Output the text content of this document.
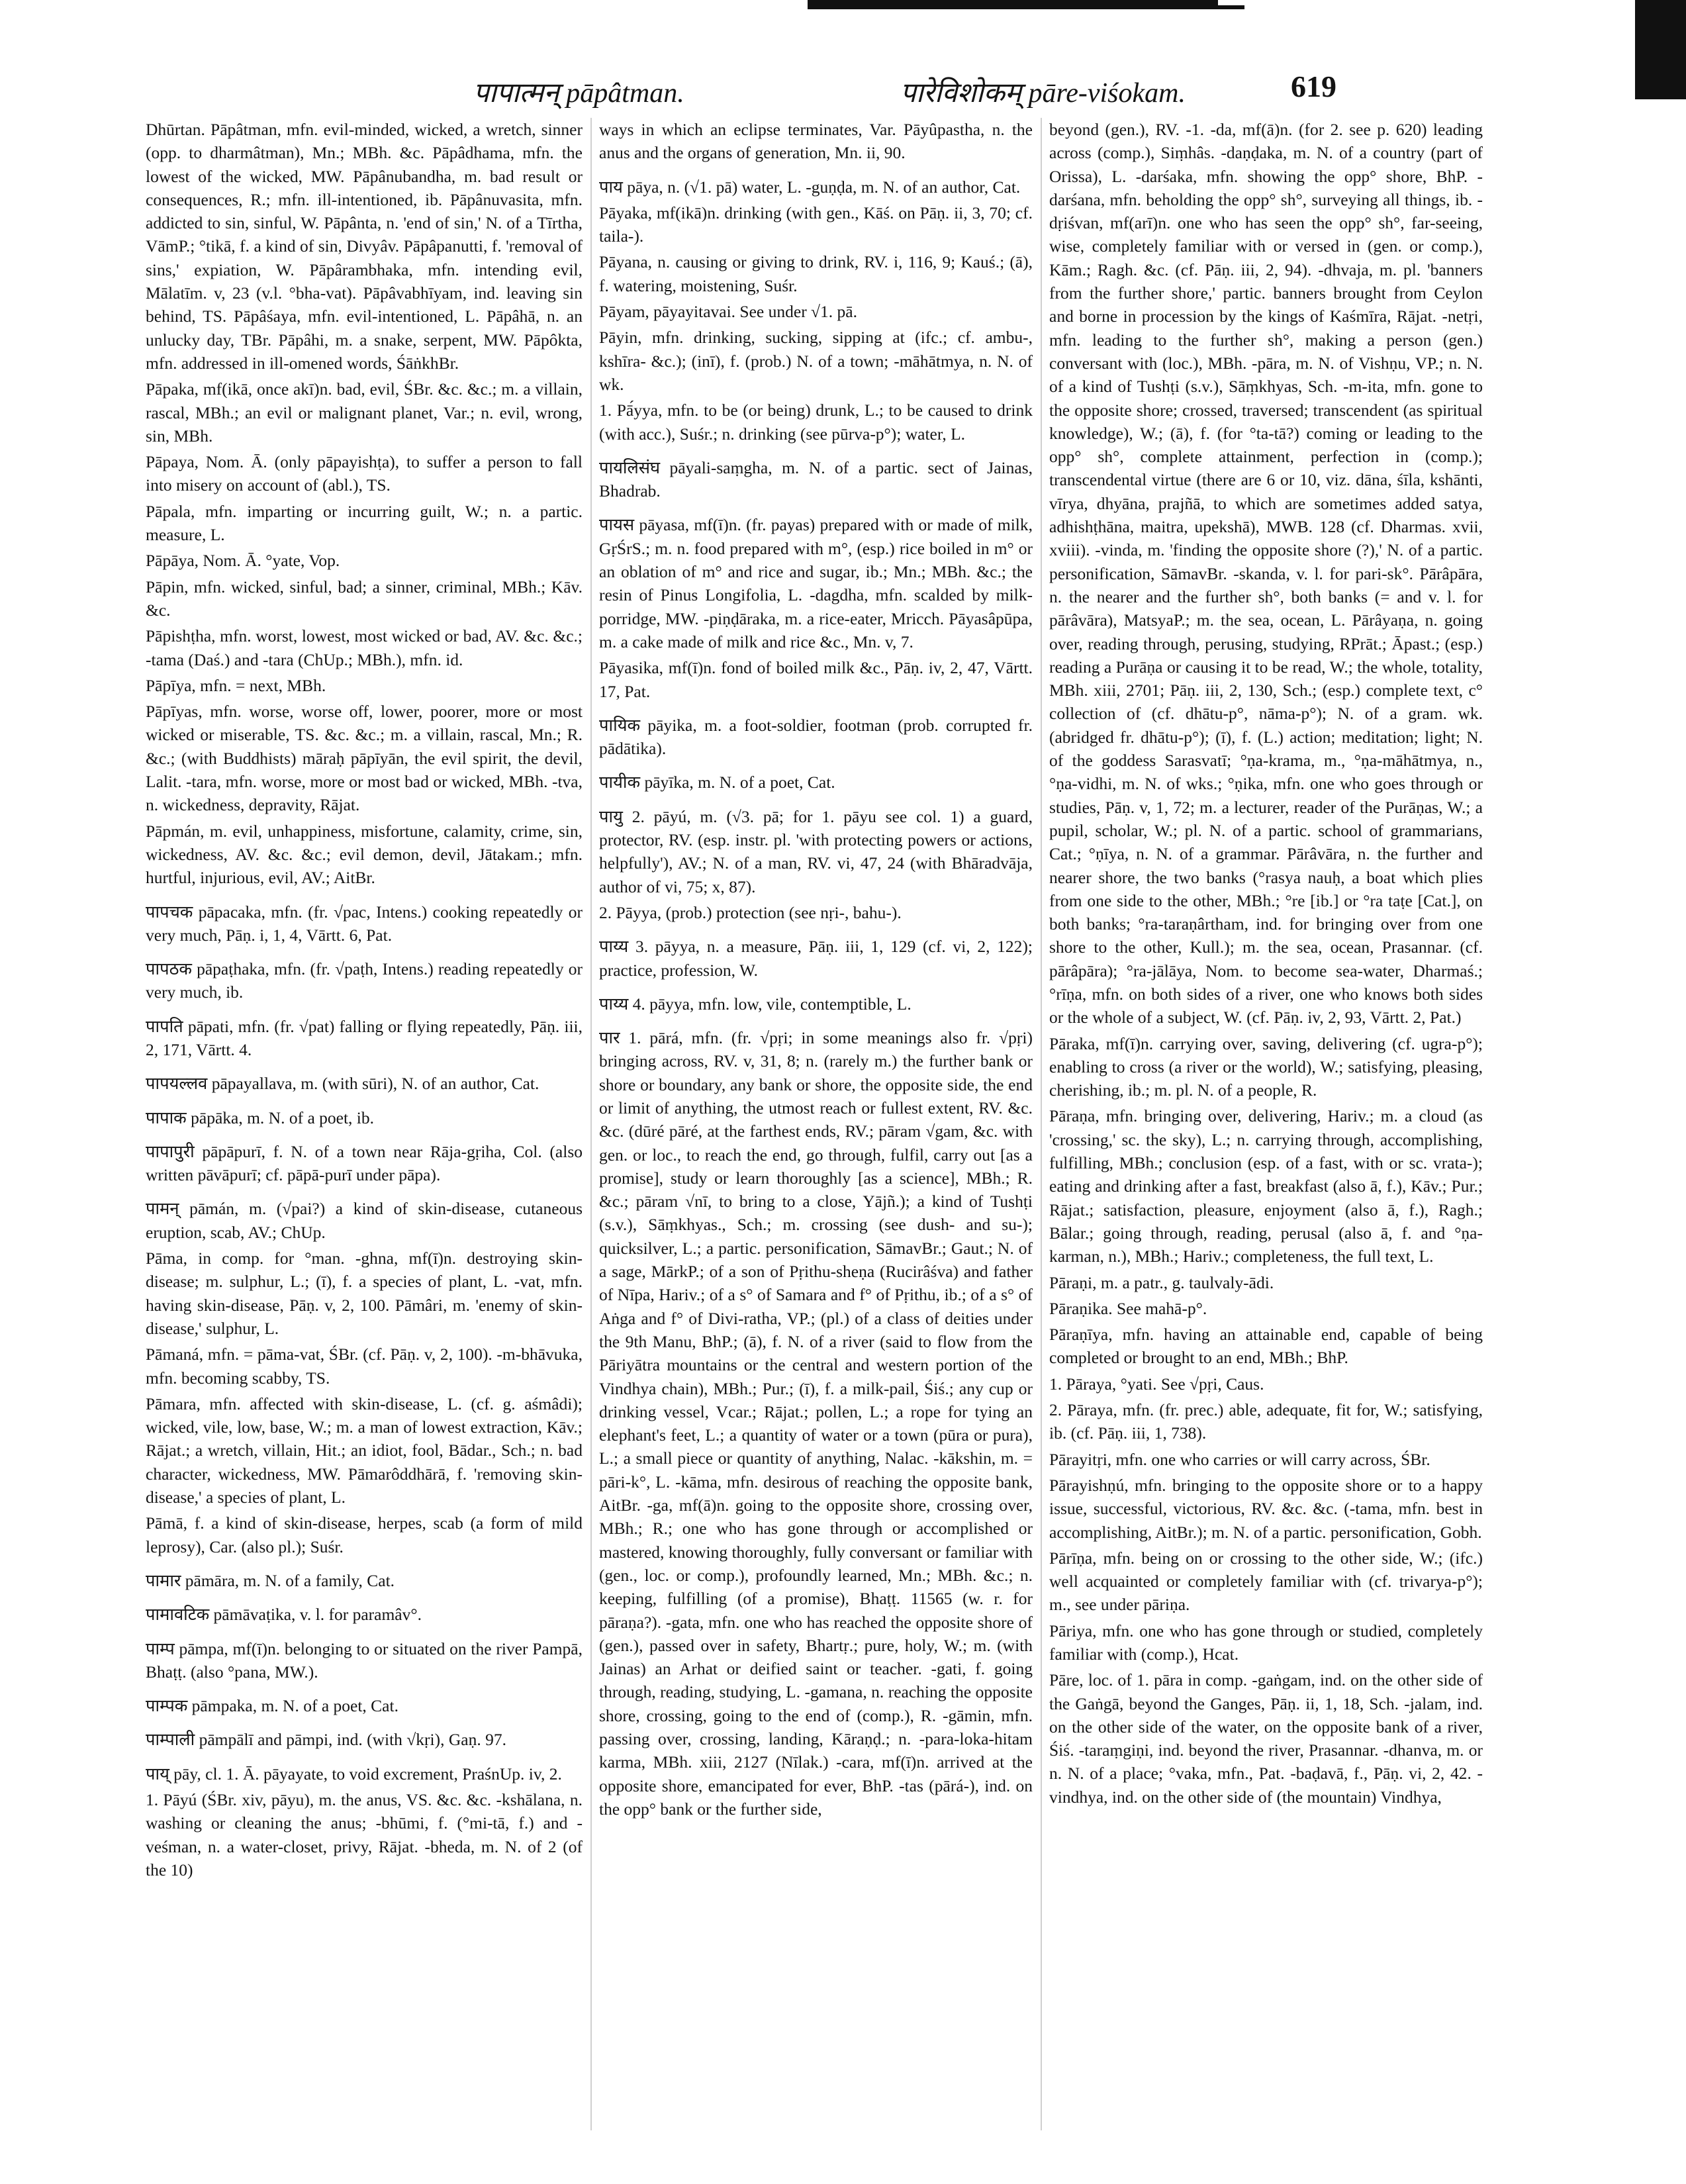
पापात्मन् pāpâtman.	पारेविशोकम् pāre-viśokam.	619

Dhūrtan. Pāpâtman, mfn. evil-minded, wicked, a wretch, sinner (opp. to dharmâtman), Mn.; MBh. &c. Pāpâdhama, mfn. the lowest of the wicked, MW. Pāpânubandha, m. bad result or consequences, R.; mfn. ill-intentioned, ib. Pāpânuvasita, mfn. addicted to sin, sinful, W. Pāpânta, n. 'end of sin,' N. of a Tīrtha, VāmP.; °tikā, f. a kind of sin, Divyâv. Pāpâpanutti, f. 'removal of sins,' expiation, W. Pāpârambhaka, mfn. intending evil, Mālatīm. v, 23 (v.l. °bha-vat). Pāpâvabhīyam, ind. leaving sin behind, TS. Pāpâśaya, mfn. evil-intentioned, L. Pāpâhā, n. an unlucky day, TBr. Pāpâhi, m. a snake, serpent, MW. Pāpôkta, mfn. addressed in ill-omened words, ŚāṅkhBr.

Pāpaka, mf(ikā, once akī)n. bad, evil, ŚBr. &c. &c.; m. a villain, rascal, MBh.; an evil or malignant planet, Var.; n. evil, wrong, sin, MBh.

Pāpaya, Nom. Ā. (only pāpayishṭa), to suffer a person to fall into misery on account of (abl.), TS.

Pāpala, mfn. imparting or incurring guilt, W.; n. a partic. measure, L.

Pāpāya, Nom. Ā. °yate, Vop.

Pāpin, mfn. wicked, sinful, bad; a sinner, criminal, MBh.; Kāv. &c.

Pāpishṭha, mfn. worst, lowest, most wicked or bad, AV. &c. &c.; -tama (Daś.) and -tara (ChUp.; MBh.), mfn. id.

Pāpīya, mfn. = next, MBh.

Pāpīyas, mfn. worse, worse off, lower, poorer, more or most wicked or miserable, TS. &c. &c.; m. a villain, rascal, Mn.; R. &c.; (with Buddhists) māraḥ pāpīyān, the evil spirit, the devil, Lalit. -tara, mfn. worse, more or most bad or wicked, MBh. -tva, n. wickedness, depravity, Rājat.

Pāpmán, m. evil, unhappiness, misfortune, calamity, crime, sin, wickedness, AV. &c. &c.; evil demon, devil, Jātakam.; mfn. hurtful, injurious, evil, AV.; AitBr.

पापचक pāpacaka, mfn. (fr. √pac, Intens.) cooking repeatedly or very much, Pāṇ. i, 1, 4, Vārtt. 6, Pat.

पापठक pāpaṭhaka, mfn. (fr. √paṭh, Intens.) reading repeatedly or very much, ib.

पापति pāpati, mfn. (fr. √pat) falling or flying repeatedly, Pāṇ. iii, 2, 171, Vārtt. 4.

पापयल्लव pāpayallava, m. (with sūri), N. of an author, Cat.

पापाक pāpāka, m. N. of a poet, ib.

पापापुरी pāpāpurī, f. N. of a town near Rāja-gṛiha, Col. (also written pāvāpurī; cf. pāpā-purī under pāpa).

पामन् pāmán, m. (√pai?) a kind of skin-disease, cutaneous eruption, scab, AV.; ChUp.

Pāma, in comp. for °man. -ghna, mf(ī)n. destroying skin-disease; m. sulphur, L.; (ī), f. a species of plant, L. -vat, mfn. having skin-disease, Pāṇ. v, 2, 100. Pāmâri, m. 'enemy of skin-disease,' sulphur, L.

Pāmaná, mfn. = pāma-vat, ŚBr. (cf. Pāṇ. v, 2, 100). -m-bhāvuka, mfn. becoming scabby, TS.

Pāmara, mfn. affected with skin-disease, L. (cf. g. aśmâdi); wicked, vile, low, base, W.; m. a man of lowest extraction, Kāv.; Rājat.; a wretch, villain, Hit.; an idiot, fool, Bādar., Sch.; n. bad character, wickedness, MW. Pāmarôddhārā, f. 'removing skin-disease,' a species of plant, L.

Pāmā, f. a kind of skin-disease, herpes, scab (a form of mild leprosy), Car. (also pl.); Suśr.

पामार pāmāra, m. N. of a family, Cat.

पामावटिक pāmāvaṭika, v. l. for paramâv°.

पाम्प pāmpa, mf(ī)n. belonging to or situated on the river Pampā, Bhaṭṭ. (also °pana, MW.).

पाम्पक pāmpaka, m. N. of a poet, Cat.

पाम्पाली pāmpālī and pāmpi, ind. (with √kṛi), Gaṇ. 97.

पाय् pāy, cl. 1. Ā. pāyayate, to void excrement, PraśnUp. iv, 2.

1. Pāyú (ŚBr. xiv, pāyu), m. the anus, VS. &c. &c. -kshālana, n. washing or cleaning the anus; -bhūmi, f. (°mi-tā, f.) and -veśman, n. a water-closet, privy, Rājat. -bheda, m. N. of 2 (of the 10)

ways in which an eclipse terminates, Var. Pāyûpastha, n. the anus and the organs of generation, Mn. ii, 90.

पाय pāya, n. (√1. pā) water, L. -guṇḍa, m. N. of an author, Cat.

Pāyaka, mf(ikā)n. drinking (with gen., Kāś. on Pāṇ. ii, 3, 70; cf. taila-).

Pāyana, n. causing or giving to drink, RV. i, 116, 9; Kauś.; (ā), f. watering, moistening, Suśr.

Pāyam, pāyayitavai. See under √1. pā.

Pāyin, mfn. drinking, sucking, sipping at (ifc.; cf. ambu-, kshīra- &c.); (inī), f. (prob.) N. of a town; -māhātmya, n. N. of wk.

1. Pā́yya, mfn. to be (or being) drunk, L.; to be caused to drink (with acc.), Suśr.; n. drinking (see pūrva-p°); water, L.

पायलिसंघ pāyali-saṃgha, m. N. of a partic. sect of Jainas, Bhadrab.

पायस pāyasa, mf(ī)n. (fr. payas) prepared with or made of milk, GṛŚrS.; m. n. food prepared with m°, (esp.) rice boiled in m° or an oblation of m° and rice and sugar, ib.; Mn.; MBh. &c.; the resin of Pinus Longifolia, L. -dagdha, mfn. scalded by milk-porridge, MW. -piṇḍāraka, m. a rice-eater, Mricch. Pāyasâpūpa, m. a cake made of milk and rice &c., Mn. v, 7.

Pāyasika, mf(ī)n. fond of boiled milk &c., Pāṇ. iv, 2, 47, Vārtt. 17, Pat.

पायिक pāyika, m. a foot-soldier, footman (prob. corrupted fr. pādātika).

पायीक pāyīka, m. N. of a poet, Cat.

पायु 2. pāyú, m. (√3. pā; for 1. pāyu see col. 1) a guard, protector, RV. (esp. instr. pl. 'with protecting powers or actions, helpfully'), AV.; N. of a man, RV. vi, 47, 24 (with Bhāradvāja, author of vi, 75; x, 87).

2. Pāyya, (prob.) protection (see nṛi-, bahu-).

पाय्य 3. pāyya, n. a measure, Pāṇ. iii, 1, 129 (cf. vi, 2, 122); practice, profession, W.

पाय्य 4. pāyya, mfn. low, vile, contemptible, L.

पार 1. pārá, mfn. (fr. √pṛi; in some meanings also fr. √pṛi) bringing across, RV. v, 31, 8; n. (rarely m.) the further bank or shore or boundary, any bank or shore, the opposite side, the end or limit of anything, the utmost reach or fullest extent, RV. &c. &c. (dūré pāré, at the farthest ends, RV.; pāram √gam, &c. with gen. or loc., to reach the end, go through, fulfil, carry out [as a promise], study or learn thoroughly [as a science], MBh.; R. &c.; pāram √nī, to bring to a close, Yājñ.); a kind of Tushṭi (s.v.), Sāṃkhyas., Sch.; m. crossing (see dush- and su-); quicksilver, L.; a partic. personification, SāmavBr.; Gaut.; N. of a sage, MārkP.; of a son of Pṛithu-sheṇa (Rucirâśva) and father of Nīpa, Hariv.; of a s° of Samara and f° of Pṛithu, ib.; of a s° of Aṅga and f° of Divi-ratha, VP.; (pl.) of a class of deities under the 9th Manu, BhP.; (ā), f. N. of a river (said to flow from the Pāriyātra mountains or the central and western portion of the Vindhya chain), MBh.; Pur.; (ī), f. a milk-pail, Śiś.; any cup or drinking vessel, Vcar.; Rājat.; pollen, L.; a rope for tying an elephant's feet, L.; a quantity of water or a town (pūra or pura), L.; a small piece or quantity of anything, Nalac. -kākshin, m. = pāri-k°, L. -kāma, mfn. desirous of reaching the opposite bank, AitBr. -ga, mf(ā)n. going to the opposite shore, crossing over, MBh.; R.; one who has gone through or accomplished or mastered, knowing thoroughly, fully conversant or familiar with (gen., loc. or comp.), profoundly learned, Mn.; MBh. &c.; n. keeping, fulfilling (of a promise), Bhaṭṭ. 11565 (w. r. for pāraṇa?). -gata, mfn. one who has reached the opposite shore of (gen.), passed over in safety, Bhartṛ.; pure, holy, W.; m. (with Jainas) an Arhat or deified saint or teacher. -gati, f. going through, reading, studying, L. -gamana, n. reaching the opposite shore, crossing, going to the end of (comp.), R. -gāmin, mfn. passing over, crossing, landing, Kāraṇḍ.; n. -para-loka-hitam karma, MBh. xiii, 2127 (Nīlak.) -cara, mf(ī)n. arrived at the opposite shore, emancipated for ever, BhP. -tas (pārá-), ind. on the opp° bank or the further side,

beyond (gen.), RV. -1. -da, mf(ā)n. (for 2. see p. 620) leading across (comp.), Siṃhâs. -daṇḍaka, m. N. of a country (part of Orissa), L. -darśaka, mfn. showing the opp° shore, BhP. -darśana, mfn. beholding the opp° sh°, surveying all things, ib. -dṛiśvan, mf(arī)n. one who has seen the opp° sh°, far-seeing, wise, completely familiar with or versed in (gen. or comp.), Kām.; Ragh. &c. (cf. Pāṇ. iii, 2, 94). -dhvaja, m. pl. 'banners from the further shore,' partic. banners brought from Ceylon and borne in procession by the kings of Kaśmīra, Rājat. -netṛi, mfn. leading to the further sh°, making a person (gen.) conversant with (loc.), MBh. -pāra, m. N. of Vishṇu, VP.; n. N. of a kind of Tushṭi (s.v.), Sāṃkhyas, Sch. -m-ita, mfn. gone to the opposite shore; crossed, traversed; transcendent (as spiritual knowledge), W.; (ā), f. (for °ta-tā?) coming or leading to the opp° sh°, complete attainment, perfection in (comp.); transcendental virtue (there are 6 or 10, viz. dāna, śīla, kshānti, vīrya, dhyāna, prajñā, to which are sometimes added satya, adhishṭhāna, maitra, upekshā), MWB. 128 (cf. Dharmas. xvii, xviii). -vinda, m. 'finding the opposite shore (?),' N. of a partic. personification, SāmavBr. -skanda, v. l. for pari-sk°. Pārâpāra, n. the nearer and the further sh°, both banks (= and v. l. for pārâvāra), MatsyaP.; m. the sea, ocean, L. Pārâyaṇa, n. going over, reading through, perusing, studying, RPrāt.; Āpast.; (esp.) reading a Purāṇa or causing it to be read, W.; the whole, totality, MBh. xiii, 2701; Pāṇ. iii, 2, 130, Sch.; (esp.) complete text, c° collection of (cf. dhātu-p°, nāma-p°); N. of a gram. wk. (abridged fr. dhātu-p°); (ī), f. (L.) action; meditation; light; N. of the goddess Sarasvatī; °ṇa-krama, m., °ṇa-māhātmya, n., °ṇa-vidhi, m. N. of wks.; °ṇika, mfn. one who goes through or studies, Pāṇ. v, 1, 72; m. a lecturer, reader of the Purāṇas, W.; a pupil, scholar, W.; pl. N. of a partic. school of grammarians, Cat.; °ṇīya, n. N. of a grammar. Pārâvāra, n. the further and nearer shore, the two banks (°rasya nauḥ, a boat which plies from one side to the other, MBh.; °re [ib.] or °ra taṭe [Cat.], on both banks; °ra-taraṇârtham, ind. for bringing over from one shore to the other, Kull.); m. the sea, ocean, Prasannar. (cf. pārâpāra); °ra-jālāya, Nom. to become sea-water, Dharmaś.; °rīṇa, mfn. on both sides of a river, one who knows both sides or the whole of a subject, W. (cf. Pāṇ. iv, 2, 93, Vārtt. 2, Pat.)

Pāraka, mf(ī)n. carrying over, saving, delivering (cf. ugra-p°); enabling to cross (a river or the world), W.; satisfying, pleasing, cherishing, ib.; m. pl. N. of a people, R.

Pāraṇa, mfn. bringing over, delivering, Hariv.; m. a cloud (as 'crossing,' sc. the sky), L.; n. carrying through, accomplishing, fulfilling, MBh.; conclusion (esp. of a fast, with or sc. vrata-); eating and drinking after a fast, breakfast (also ā, f.), Kāv.; Pur.; Rājat.; satisfaction, pleasure, enjoyment (also ā, f.), Ragh.; Bālar.; going through, reading, perusal (also ā, f. and °ṇa-karman, n.), MBh.; Hariv.; completeness, the full text, L.

Pāraṇi, m. a patr., g. taulvaly-ādi.

Pāraṇika. See mahā-p°.

Pāraṇīya, mfn. having an attainable end, capable of being completed or brought to an end, MBh.; BhP.

1. Pāraya, °yati. See √pṛi, Caus.

2. Pāraya, mfn. (fr. prec.) able, adequate, fit for, W.; satisfying, ib. (cf. Pāṇ. iii, 1, 738).

Pārayitṛi, mfn. one who carries or will carry across, ŚBr.

Pārayishṇú, mfn. bringing to the opposite shore or to a happy issue, successful, victorious, RV. &c. &c. (-tama, mfn. best in accomplishing, AitBr.); m. N. of a partic. personification, Gobh.

Pārīṇa, mfn. being on or crossing to the other side, W.; (ifc.) well acquainted or completely familiar with (cf. trivarya-p°); m., see under pāriṇa.

Pāriya, mfn. one who has gone through or studied, completely familiar with (comp.), Hcat.

Pāre, loc. of 1. pāra in comp. -gaṅgam, ind. on the other side of the Gaṅgā, beyond the Ganges, Pāṇ. ii, 1, 18, Sch. -jalam, ind. on the other side of the water, on the opposite bank of a river, Śiś. -taraṃgiṇi, ind. beyond the river, Prasannar. -dhanva, m. or n. N. of a place; °vaka, mfn., Pat. -baḍavā, f., Pāṇ. vi, 2, 42. -vindhya, ind. on the other side of (the mountain) Vindhya,
